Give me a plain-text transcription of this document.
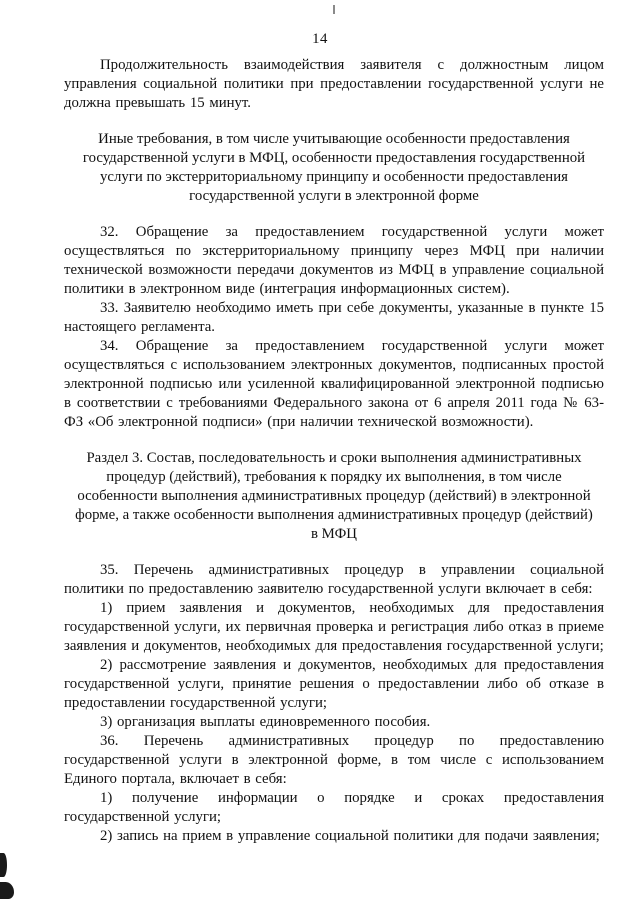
14

Продолжительность взаимодействия заявителя с должностным лицом управления социальной политики при предоставлении государственной услуги не должна превышать 15 минут.

Иные требования, в том числе учитывающие особенности предоставления государственной услуги в МФЦ, особенности предоставления государственной услуги по экстерриториальному принципу и особенности предоставления государственной услуги в электронной форме

32. Обращение за предоставлением государственной услуги может осуществляться по экстерриториальному принципу через МФЦ при наличии технической возможности передачи документов из МФЦ в управление социальной политики в электронном виде (интеграция информационных систем).

33. Заявителю необходимо иметь при себе документы, указанные в пункте 15 настоящего регламента.

34. Обращение за предоставлением государственной услуги может осуществляться с использованием электронных документов, подписанных простой электронной подписью или усиленной квалифицированной электронной подписью в соответствии с требованиями Федерального закона от 6 апреля 2011 года № 63-ФЗ «Об электронной подписи» (при наличии технической возможности).

Раздел 3. Состав, последовательность и сроки выполнения административных процедур (действий), требования к порядку их выполнения, в том числе особенности выполнения административных процедур (действий) в электронной форме, а также особенности выполнения административных процедур (действий) в МФЦ

35. Перечень административных процедур в управлении социальной политики по предоставлению заявителю государственной услуги включает в себя:

1) прием заявления и документов, необходимых для предоставления государственной услуги, их первичная проверка и регистрация либо отказ в приеме заявления и документов, необходимых для предоставления государственной услуги;

2) рассмотрение заявления и документов, необходимых для предоставления государственной услуги, принятие решения о предоставлении либо об отказе в предоставлении государственной услуги;

3) организация выплаты единовременного пособия.

36. Перечень административных процедур по предоставлению государственной услуги в электронной форме, в том числе с использованием Единого портала, включает в себя:

1) получение информации о порядке и сроках предоставления государственной услуги;

2) запись на прием в управление социальной политики для подачи заявления;
